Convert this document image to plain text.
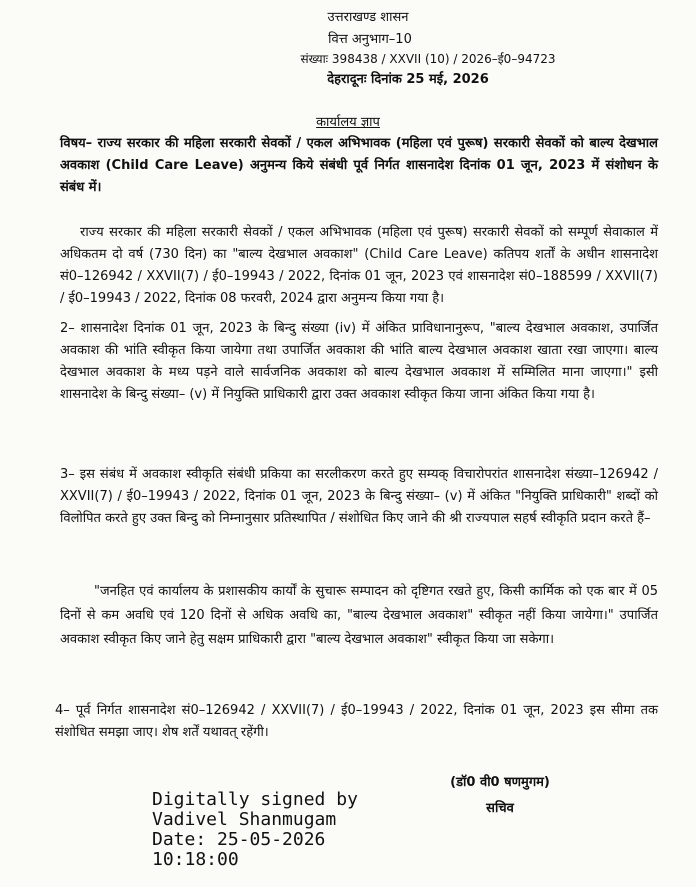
उत्तराखण्ड शासन
वित्त अनुभाग–10
संख्याः 398438 / XXVII (10) / 2026–ई0–94723
देहरादूनः दिनांक 25 मई, 2026
कार्यालय ज्ञाप
विषय– राज्य सरकार की महिला सरकारी सेवकों / एकल अभिभावक (महिला एवं पुरूष) सरकारी सेवकों को बाल्य देखभाल अवकाश (Child Care Leave) अनुमन्य किये संबंधी पूर्व निर्गत शासनादेश दिनांक 01 जून, 2023 में संशोधन के संबंध में।
राज्य सरकार की महिला सरकारी सेवकों / एकल अभिभावक (महिला एवं पुरूष) सरकारी सेवकों को सम्पूर्ण सेवाकाल में अधिकतम दो वर्ष (730 दिन) का "बाल्य देखभाल अवकाश" (Child Care Leave) कतिपय शर्तों के अधीन शासनादेश सं0–126942 / XXVII(7) / ई0–19943 / 2022, दिनांक 01 जून, 2023 एवं शासनादेश सं0–188599 / XXVII(7) / ई0–19943 / 2022, दिनांक 08 फरवरी, 2024 द्वारा अनुमन्य किया गया है।
2– शासनादेश दिनांक 01 जून, 2023 के बिन्दु संख्या (iv) में अंकित प्राविधानानुरूप, "बाल्य देखभाल अवकाश, उपार्जित अवकाश की भांति स्वीकृत किया जायेगा तथा उपार्जित अवकाश की भांति बाल्य देखभाल अवकाश खाता रखा जाएगा। बाल्य देखभाल अवकाश के मध्य पड़ने वाले सार्वजनिक अवकाश को बाल्य देखभाल अवकाश में सम्मिलित माना जाएगा।" इसी शासनादेश के बिन्दु संख्या– (v) में नियुक्ति प्राधिकारी द्वारा उक्त अवकाश स्वीकृत किया जाना अंकित किया गया है।
3– इस संबंध में अवकाश स्वीकृति संबंधी प्रकिया का सरलीकरण करते हुए सम्यक् विचारोपरांत शासनादेश संख्या–126942 / XXVII(7) / ई0–19943 / 2022, दिनांक 01 जून, 2023 के बिन्दु संख्या– (v) में अंकित "नियुक्ति प्राधिकारी" शब्दों को विलोपित करते हुए उक्त बिन्दु को निम्नानुसार प्रतिस्थापित / संशोधित किए जाने की श्री राज्यपाल सहर्ष स्वीकृति प्रदान करते हैं–
"जनहित एवं कार्यालय के प्रशासकीय कार्यों के सुचारू सम्पादन को दृष्टिगत रखते हुए, किसी कार्मिक को एक बार में 05 दिनों से कम अवधि एवं 120 दिनों से अधिक अवधि का, "बाल्य देखभाल अवकाश" स्वीकृत नहीं किया जायेगा।" उपार्जित अवकाश स्वीकृत किए जाने हेतु सक्षम प्राधिकारी द्वारा "बाल्य देखभाल अवकाश" स्वीकृत किया जा सकेगा।
4– पूर्व निर्गत शासनादेश सं0–126942 / XXVII(7) / ई0–19943 / 2022, दिनांक 01 जून, 2023 इस सीमा तक संशोधित समझा जाए। शेष शर्तें यथावत् रहेंगी।
(डॉ0 वी0 षणमुगम)
सचिव
Digitally signed by
Vadivel Shanmugam
Date: 25-05-2026
10:18:00
